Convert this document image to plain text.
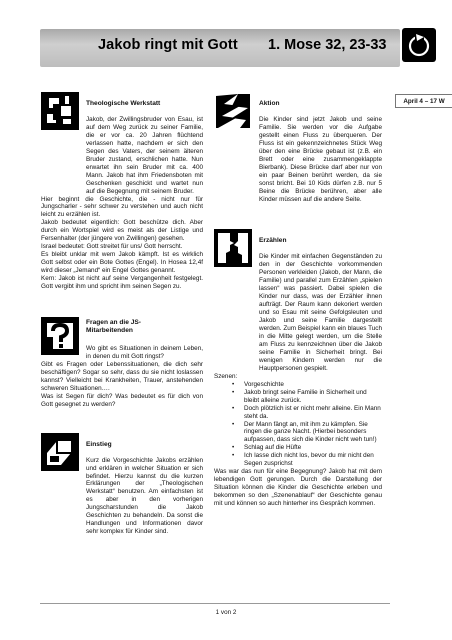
Jakob ringt mit Gott 1. Mose 32, 23-33
April 4 – 17 W
Theologische Werkstatt

Jakob, der Zwillingsbruder von Esau, ist auf dem Weg zurück zu seiner Familie, die er vor ca. 20 Jahren flüchtend verlassen hatte, nachdem er sich den Segen des Vaters, der seinem älteren Bruder zustand, erschlichen hatte. Nun erwartet ihn sein Bruder mit ca. 400 Mann. Jakob hat ihm Friedensboten mit Geschenken geschickt und wartet nun auf die Begegnung mit seinem Bruder.

Hier beginnt die Geschichte, die - nicht nur für Jungscharler - sehr schwer zu verstehen und auch nicht leicht zu erzählen ist.

Jakob bedeutet eigentlich: Gott beschütze dich. Aber durch ein Wortspiel wird es meist als der Listige und Fersenhalter (der jüngere von Zwillingen) gesehen.

Israel bedeutet: Gott streitet für uns/ Gott herrscht.

Es bleibt unklar mit wem Jakob kämpft. Ist es wirklich Gott selbst oder ein Bote Gottes (Engel). In Hosea 12,4f wird dieser „Jemand“ ein Engel Gottes genannt.

Kern: Jakob ist nicht auf seine Vergangenheit festgelegt. Gott vergibt ihm und spricht ihm seinen Segen zu.

Fragen an die JS-
Mitarbeitenden

Wo gibt es Situationen in deinem Leben, in denen du mit Gott ringst?

Gibt es Fragen oder Lebenssituationen, die dich sehr beschäftigen? Sogar so sehr, dass du sie nicht loslassen kannst? Vielleicht bei Krankheiten, Trauer, anstehenden schweren Situationen….

Was ist Segen für dich? Was bedeutet es für dich von Gott gesegnet zu werden?

Einstieg

Kurz die Vorgeschichte Jakobs erzählen und erklären in welcher Situation er sich befindet. Hierzu kannst du die kurzen Erklärungen der „Theologischen Werkstatt“ benutzen. Am einfachsten ist es aber in den vorherigen Jungscharstunden die Jakob Geschichten zu behandeln. Da sonst die Handlungen und Informationen davor sehr komplex für Kinder sind.

Aktion

Die Kinder sind jetzt Jakob und seine Familie. Sie werden vor die Aufgabe gestellt einen Fluss zu überqueren. Der Fluss ist ein gekennzeichnetes Stück Weg über den eine Brücke gebaut ist (z.B. ein Brett oder eine zusammengeklappte Bierbank). Diese Brücke darf aber nur von ein paar Beinen berührt werden, da sie sonst bricht. Bei 10 Kids dürfen z.B. nur 5 Beine die Brücke berühren, aber alle Kinder müssen auf die andere Seite.

Erzählen

Die Kinder mit einfachen Gegenständen zu den in der Geschichte vorkommenden Personen verkleiden (Jakob, der Mann, die Familie) und parallel zum Erzählen „spielen lassen“ was passiert. Dabei spielen die Kinder nur dass, was der Erzähler ihnen aufträgt. Der Raum kann dekoriert werden und so Esau mit seine Gefolgsleuten und Jakob und seine Familie dargestellt werden. Zum Beispiel kann ein blaues Tuch in die Mitte gelegt werden, um die Stelle am Fluss zu kennzeichnen über die Jakob seine Familie in Sicherheit bringt. Bei wenigen Kindern werden nur die Hauptpersonen gespielt.

Szenen:

• Vorgeschichte
• Jakob bringt seine Familie in Sicherheit und bleibt alleine zurück.
• Doch plötzlich ist er nicht mehr alleine. Ein Mann steht da.
• Der Mann fängt an, mit ihm zu kämpfen. Sie ringen die ganze Nacht. (Hierbei besonders aufpassen, dass sich die Kinder nicht weh tun!)
• Schlag auf die Hüfte
• Ich lasse dich nicht los, bevor du mir nicht den Segen zusprichst

Was war das nun für eine Begegnung? Jakob hat mit dem lebendigen Gott gerungen. Durch die Darstellung der Situation können die Kinder die Geschichte erleben und bekommen so den „Szenenablauf“ der Geschichte genau mit und können so auch hinterher ins Gespräch kommen.

1 von 2
